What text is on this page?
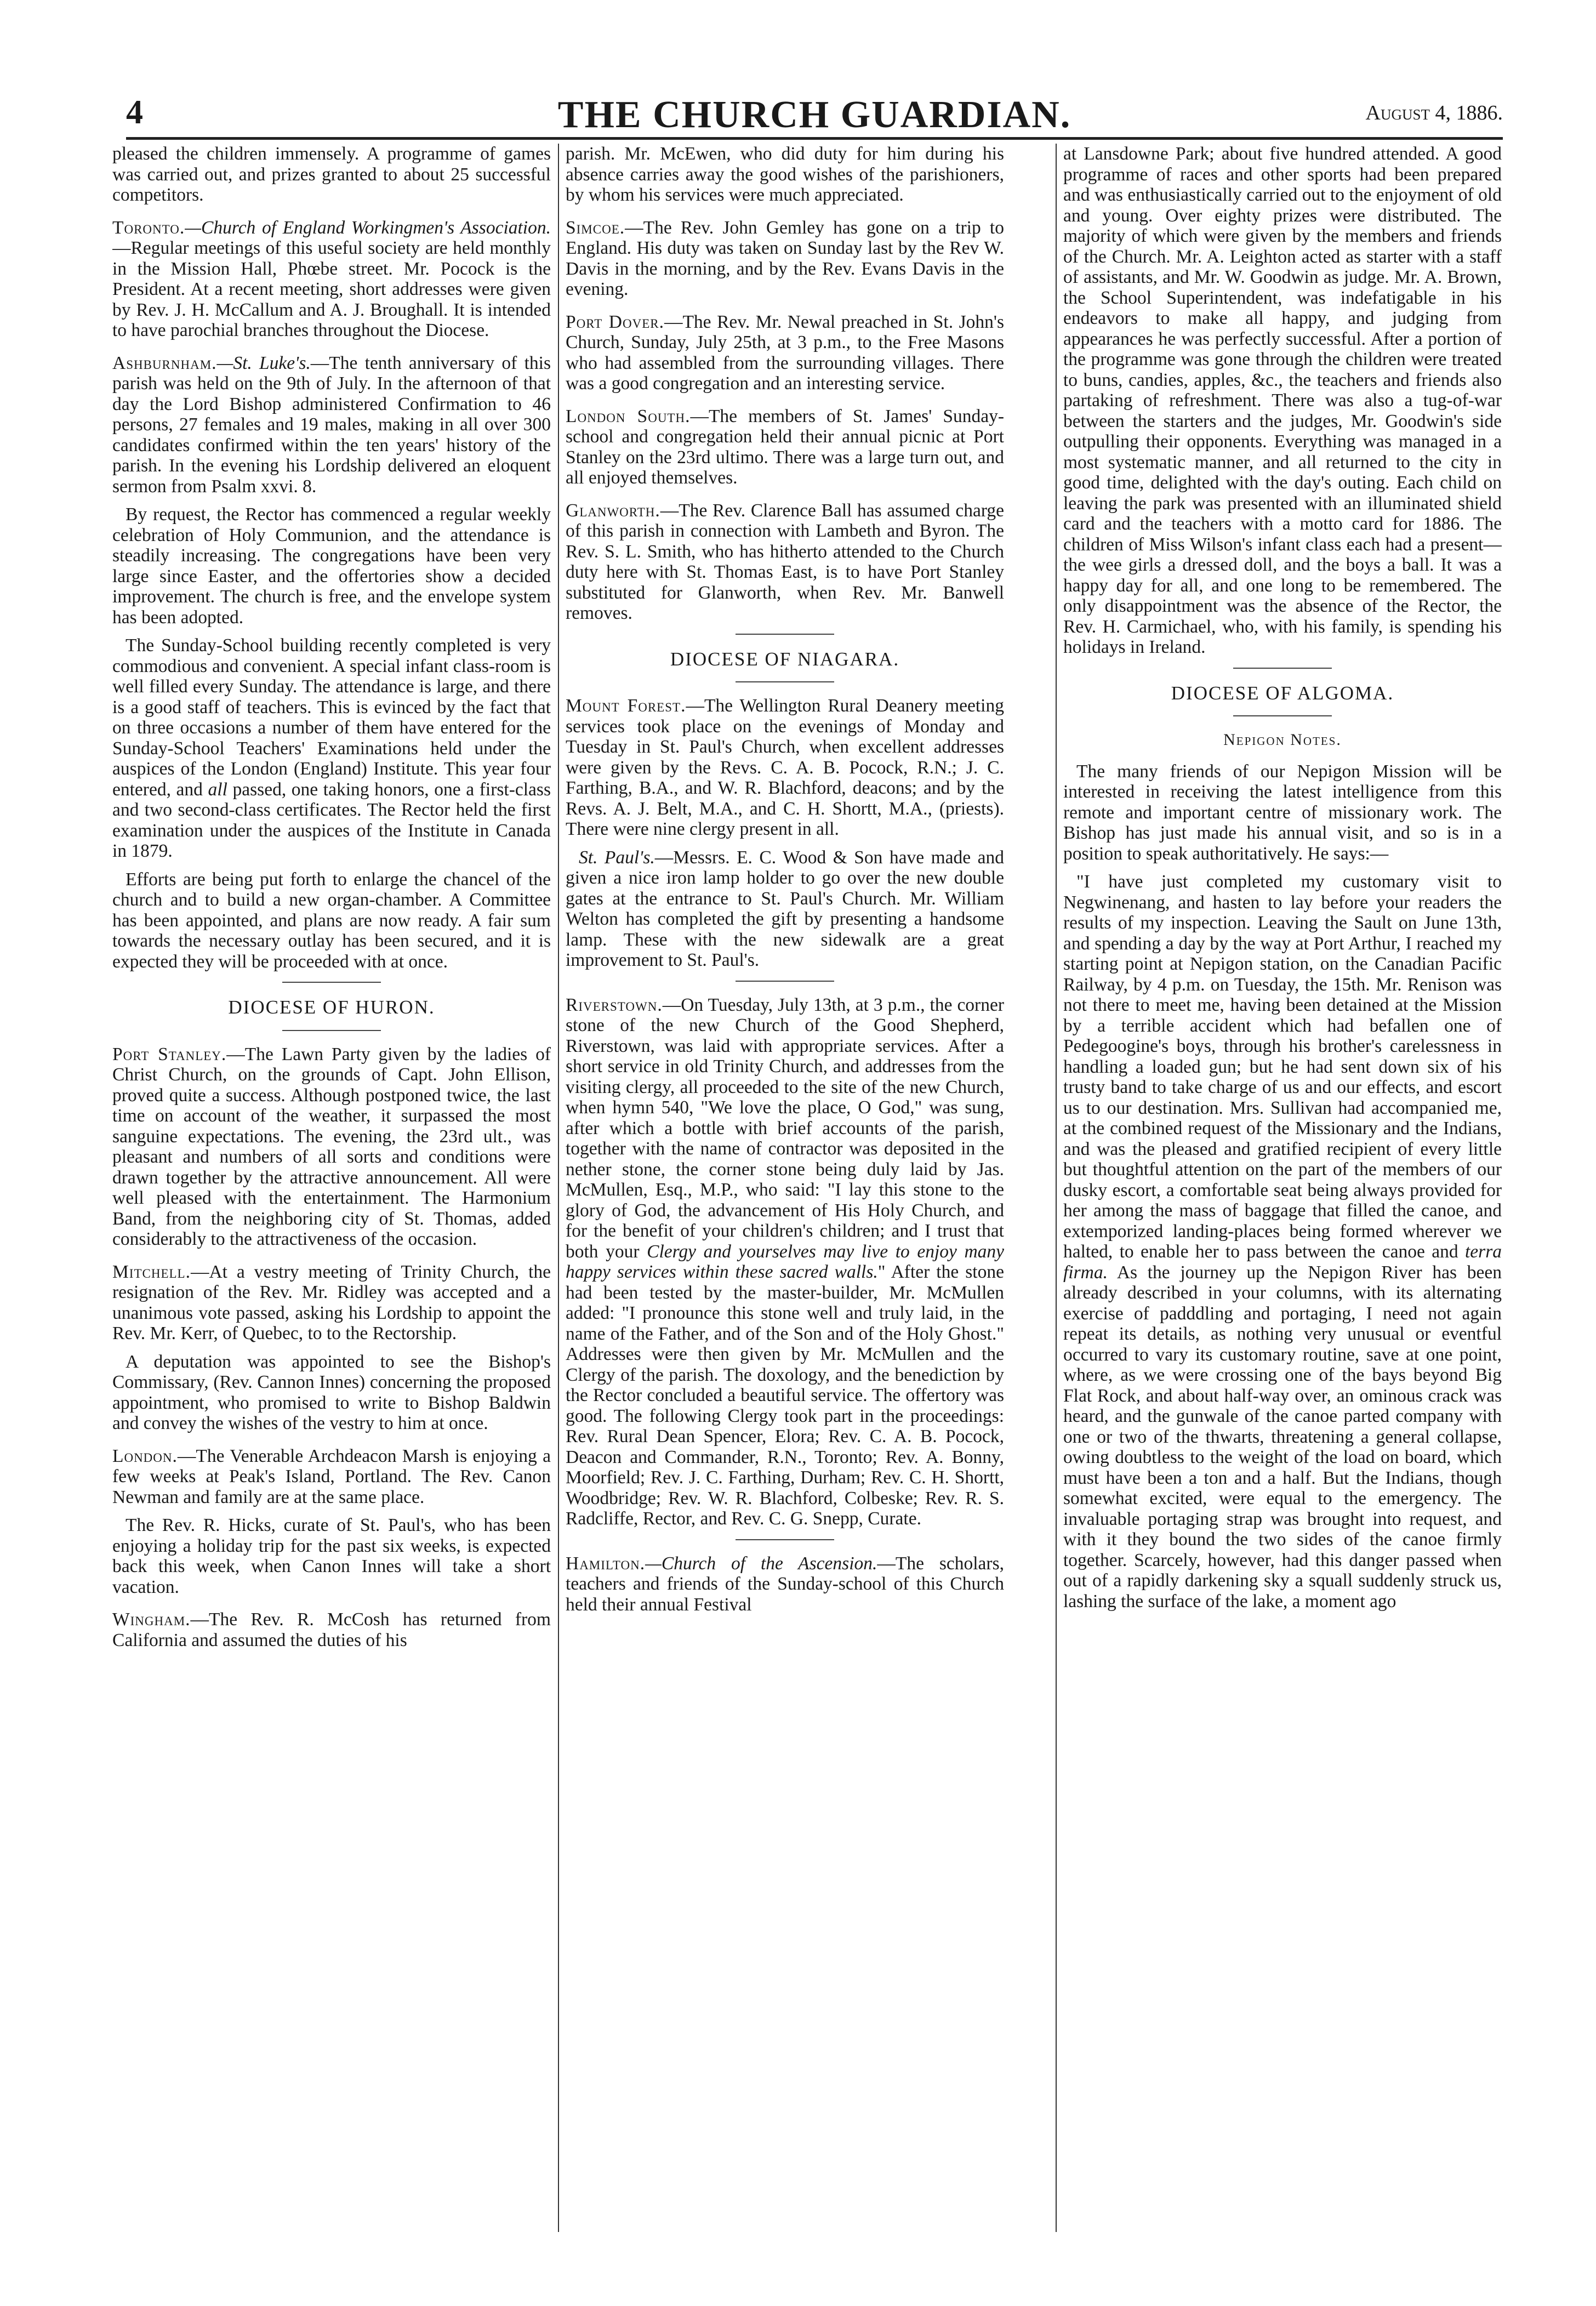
4	THE CHURCH GUARDIAN.	August 4, 1886.

pleased the children immensely. A programme of games was carried out, and prizes granted to about 25 successful competitors.

Toronto.—Church of England Workingmen's Association.—Regular meetings of this useful society are held monthly in the Mission Hall, Phœbe street. Mr. Pocock is the President. At a recent meeting, short addresses were given by Rev. J. H. McCallum and A. J. Broughall. It is intended to have parochial branches throughout the Diocese.

Ashburnham.—St. Luke's.—The tenth anniversary of this parish was held on the 9th of July. In the afternoon of that day the Lord Bishop administered Confirmation to 46 persons, 27 females and 19 males, making in all over 300 candidates confirmed within the ten years' history of the parish. In the evening his Lordship delivered an eloquent sermon from Psalm xxvi. 8.

By request, the Rector has commenced a regular weekly celebration of Holy Communion, and the attendance is steadily increasing. The congregations have been very large since Easter, and the offertories show a decided improvement. The church is free, and the envelope system has been adopted.

The Sunday-School building recently completed is very commodious and convenient. A special infant class-room is well filled every Sunday. The attendance is large, and there is a good staff of teachers. This is evinced by the fact that on three occasions a number of them have entered for the Sunday-School Teachers' Examinations held under the auspices of the London (England) Institute. This year four entered, and all passed, one taking honors, one a first-class and two second-class certificates. The Rector held the first examination under the auspices of the Institute in Canada in 1879.

Efforts are being put forth to enlarge the chancel of the church and to build a new organ-chamber. A Committee has been appointed, and plans are now ready. A fair sum towards the necessary outlay has been secured, and it is expected they will be proceeded with at once.

DIOCESE OF HURON.

Port Stanley.—The Lawn Party given by the ladies of Christ Church, on the grounds of Capt. John Ellison, proved quite a success. Although postponed twice, the last time on account of the weather, it surpassed the most sanguine expectations. The evening, the 23rd ult., was pleasant and numbers of all sorts and conditions were drawn together by the attractive announcement. All were well pleased with the entertainment. The Harmonium Band, from the neighboring city of St. Thomas, added considerably to the attractiveness of the occasion.

Mitchell.—At a vestry meeting of Trinity Church, the resignation of the Rev. Mr. Ridley was accepted and a unanimous vote passed, asking his Lordship to appoint the Rev. Mr. Kerr, of Quebec, to to the Rectorship.

A deputation was appointed to see the Bishop's Commissary, (Rev. Cannon Innes) concerning the proposed appointment, who promised to write to Bishop Baldwin and convey the wishes of the vestry to him at once.

London.—The Venerable Archdeacon Marsh is enjoying a few weeks at Peak's Island, Portland. The Rev. Canon Newman and family are at the same place.

The Rev. R. Hicks, curate of St. Paul's, who has been enjoying a holiday trip for the past six weeks, is expected back this week, when Canon Innes will take a short vacation.

Wingham.—The Rev. R. McCosh has returned from California and assumed the duties of his

parish. Mr. McEwen, who did duty for him during his absence carries away the good wishes of the parishioners, by whom his services were much appreciated.

Simcoe.—The Rev. John Gemley has gone on a trip to England. His duty was taken on Sunday last by the Rev W. Davis in the morning, and by the Rev. Evans Davis in the evening.

Port Dover.—The Rev. Mr. Newal preached in St. John's Church, Sunday, July 25th, at 3 p.m., to the Free Masons who had assembled from the surrounding villages. There was a good congregation and an interesting service.

London South.—The members of St. James' Sunday-school and congregation held their annual picnic at Port Stanley on the 23rd ultimo. There was a large turn out, and all enjoyed themselves.

Glanworth.—The Rev. Clarence Ball has assumed charge of this parish in connection with Lambeth and Byron. The Rev. S. L. Smith, who has hitherto attended to the Church duty here with St. Thomas East, is to have Port Stanley substituted for Glanworth, when Rev. Mr. Banwell removes.

DIOCESE OF NIAGARA.

Mount Forest.—The Wellington Rural Deanery meeting services took place on the evenings of Monday and Tuesday in St. Paul's Church, when excellent addresses were given by the Revs. C. A. B. Pocock, R.N.; J. C. Farthing, B.A., and W. R. Blachford, deacons; and by the Revs. A. J. Belt, M.A., and C. H. Shortt, M.A., (priests). There were nine clergy present in all.

St. Paul's.—Messrs. E. C. Wood & Son have made and given a nice iron lamp holder to go over the new double gates at the entrance to St. Paul's Church. Mr. William Welton has completed the gift by presenting a handsome lamp. These with the new sidewalk are a great improvement to St. Paul's.

Riverstown.—On Tuesday, July 13th, at 3 p.m., the corner stone of the new Church of the Good Shepherd, Riverstown, was laid with appropriate services. After a short service in old Trinity Church, and addresses from the visiting clergy, all proceeded to the site of the new Church, when hymn 540, "We love the place, O God," was sung, after which a bottle with brief accounts of the parish, together with the name of contractor was deposited in the nether stone, the corner stone being duly laid by Jas. McMullen, Esq., M.P., who said: "I lay this stone to the glory of God, the advancement of His Holy Church, and for the benefit of your children's children; and I trust that both your Clergy and yourselves may live to enjoy many happy services within these sacred walls." After the stone had been tested by the master-builder, Mr. McMullen added: "I pronounce this stone well and truly laid, in the name of the Father, and of the Son and of the Holy Ghost." Addresses were then given by Mr. McMullen and the Clergy of the parish. The doxology, and the benediction by the Rector concluded a beautiful service. The offertory was good. The following Clergy took part in the proceedings: Rev. Rural Dean Spencer, Elora; Rev. C. A. B. Pocock, Deacon and Commander, R.N., Toronto; Rev. A. Bonny, Moorfield; Rev. J. C. Farthing, Durham; Rev. C. H. Shortt, Woodbridge; Rev. W. R. Blachford, Colbeske; Rev. R. S. Radcliffe, Rector, and Rev. C. G. Snepp, Curate.

Hamilton.—Church of the Ascension.—The scholars, teachers and friends of the Sunday-school of this Church held their annual Festival

at Lansdowne Park; about five hundred attended. A good programme of races and other sports had been prepared and was enthusiastically carried out to the enjoyment of old and young. Over eighty prizes were distributed. The majority of which were given by the members and friends of the Church. Mr. A. Leighton acted as starter with a staff of assistants, and Mr. W. Goodwin as judge. Mr. A. Brown, the School Superintendent, was indefatigable in his endeavors to make all happy, and judging from appearances he was perfectly successful. After a portion of the programme was gone through the children were treated to buns, candies, apples, &c., the teachers and friends also partaking of refreshment. There was also a tug-of-war between the starters and the judges, Mr. Goodwin's side outpulling their opponents. Everything was managed in a most systematic manner, and all returned to the city in good time, delighted with the day's outing. Each child on leaving the park was presented with an illuminated shield card and the teachers with a motto card for 1886. The children of Miss Wilson's infant class each had a present—the wee girls a dressed doll, and the boys a ball. It was a happy day for all, and one long to be remembered. The only disappointment was the absence of the Rector, the Rev. H. Carmichael, who, with his family, is spending his holidays in Ireland.

DIOCESE OF ALGOMA.
Nepigon Notes.

The many friends of our Nepigon Mission will be interested in receiving the latest intelligence from this remote and important centre of missionary work. The Bishop has just made his annual visit, and so is in a position to speak authoritatively. He says:—

"I have just completed my customary visit to Negwinenang, and hasten to lay before your readers the results of my inspection. Leaving the Sault on June 13th, and spending a day by the way at Port Arthur, I reached my starting point at Nepigon station, on the Canadian Pacific Railway, by 4 p.m. on Tuesday, the 15th. Mr. Renison was not there to meet me, having been detained at the Mission by a terrible accident which had befallen one of Pedegoogine's boys, through his brother's carelessness in handling a loaded gun; but he had sent down six of his trusty band to take charge of us and our effects, and escort us to our destination. Mrs. Sullivan had accompanied me, at the combined request of the Missionary and the Indians, and was the pleased and gratified recipient of every little but thoughtful attention on the part of the members of our dusky escort, a comfortable seat being always provided for her among the mass of baggage that filled the canoe, and extemporized landing-places being formed wherever we halted, to enable her to pass between the canoe and terra firma. As the journey up the Nepigon River has been already described in your columns, with its alternating exercise of padddling and portaging, I need not again repeat its details, as nothing very unusual or eventful occurred to vary its customary routine, save at one point, where, as we were crossing one of the bays beyond Big Flat Rock, and about half-way over, an ominous crack was heard, and the gunwale of the canoe parted company with one or two of the thwarts, threatening a general collapse, owing doubtless to the weight of the load on board, which must have been a ton and a half. But the Indians, though somewhat excited, were equal to the emergency. The invaluable portaging strap was brought into request, and with it they bound the two sides of the canoe firmly together. Scarcely, however, had this danger passed when out of a rapidly darkening sky a squall suddenly struck us, lashing the surface of the lake, a moment ago
